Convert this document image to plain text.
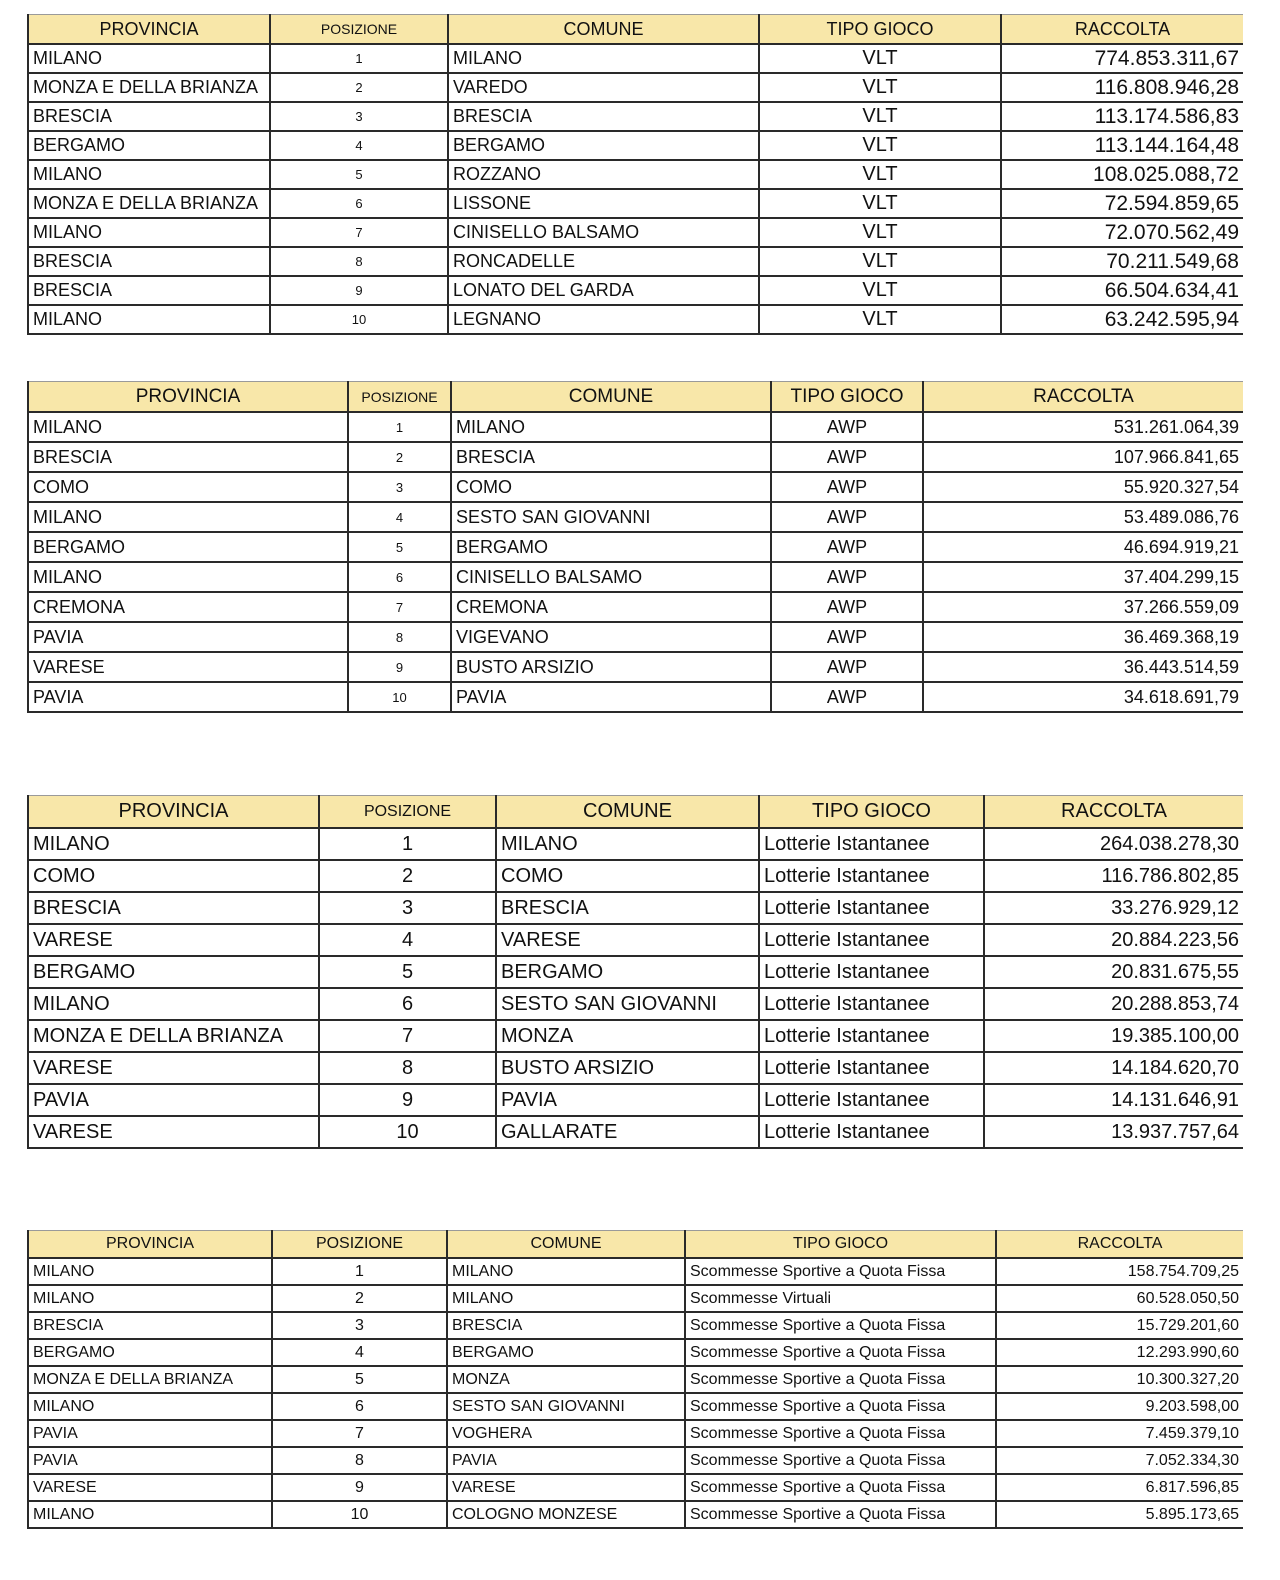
PROVINCIA	POSIZIONE	COMUNE	TIPO GIOCO	RACCOLTA
MILANO	1	MILANO	VLT	774.853.311,67
MONZA E DELLA BRIANZA	2	VAREDO	VLT	116.808.946,28
BRESCIA	3	BRESCIA	VLT	113.174.586,83
BERGAMO	4	BERGAMO	VLT	113.144.164,48
MILANO	5	ROZZANO	VLT	108.025.088,72
MONZA E DELLA BRIANZA	6	LISSONE	VLT	72.594.859,65
MILANO	7	CINISELLO BALSAMO	VLT	72.070.562,49
BRESCIA	8	RONCADELLE	VLT	70.211.549,68
BRESCIA	9	LONATO DEL GARDA	VLT	66.504.634,41
MILANO	10	LEGNANO	VLT	63.242.595,94
PROVINCIA	POSIZIONE	COMUNE	TIPO GIOCO	RACCOLTA
MILANO	1	MILANO	AWP	531.261.064,39
BRESCIA	2	BRESCIA	AWP	107.966.841,65
COMO	3	COMO	AWP	55.920.327,54
MILANO	4	SESTO SAN GIOVANNI	AWP	53.489.086,76
BERGAMO	5	BERGAMO	AWP	46.694.919,21
MILANO	6	CINISELLO BALSAMO	AWP	37.404.299,15
CREMONA	7	CREMONA	AWP	37.266.559,09
PAVIA	8	VIGEVANO	AWP	36.469.368,19
VARESE	9	BUSTO ARSIZIO	AWP	36.443.514,59
PAVIA	10	PAVIA	AWP	34.618.691,79
PROVINCIA	POSIZIONE	COMUNE	TIPO GIOCO	RACCOLTA
MILANO	1	MILANO	Lotterie Istantanee	264.038.278,30
COMO	2	COMO	Lotterie Istantanee	116.786.802,85
BRESCIA	3	BRESCIA	Lotterie Istantanee	33.276.929,12
VARESE	4	VARESE	Lotterie Istantanee	20.884.223,56
BERGAMO	5	BERGAMO	Lotterie Istantanee	20.831.675,55
MILANO	6	SESTO SAN GIOVANNI	Lotterie Istantanee	20.288.853,74
MONZA E DELLA BRIANZA	7	MONZA	Lotterie Istantanee	19.385.100,00
VARESE	8	BUSTO ARSIZIO	Lotterie Istantanee	14.184.620,70
PAVIA	9	PAVIA	Lotterie Istantanee	14.131.646,91
VARESE	10	GALLARATE	Lotterie Istantanee	13.937.757,64
PROVINCIA	POSIZIONE	COMUNE	TIPO GIOCO	RACCOLTA
MILANO	1	MILANO	Scommesse Sportive a Quota Fissa	158.754.709,25
MILANO	2	MILANO	Scommesse Virtuali	60.528.050,50
BRESCIA	3	BRESCIA	Scommesse Sportive a Quota Fissa	15.729.201,60
BERGAMO	4	BERGAMO	Scommesse Sportive a Quota Fissa	12.293.990,60
MONZA E DELLA BRIANZA	5	MONZA	Scommesse Sportive a Quota Fissa	10.300.327,20
MILANO	6	SESTO SAN GIOVANNI	Scommesse Sportive a Quota Fissa	9.203.598,00
PAVIA	7	VOGHERA	Scommesse Sportive a Quota Fissa	7.459.379,10
PAVIA	8	PAVIA	Scommesse Sportive a Quota Fissa	7.052.334,30
VARESE	9	VARESE	Scommesse Sportive a Quota Fissa	6.817.596,85
MILANO	10	COLOGNO MONZESE	Scommesse Sportive a Quota Fissa	5.895.173,65
